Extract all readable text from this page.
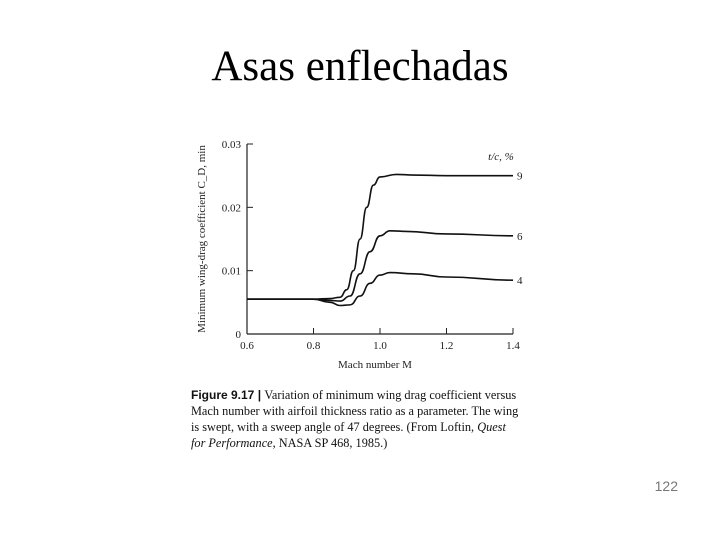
Asas enflechadas
0
0.01
0.02
0.03
0.6	0.8	1.0	1.2	1.4
9
6
4
t/c, %
Mach number M
Minimum wing-drag coefficient C_D, min
Figure 9.17 | Variation of minimum wing drag coefficient versus Mach number with airfoil thickness ratio as a parameter. The wing is swept, with a sweep angle of 47 degrees. (From Loftin, Quest for Performance, NASA SP 468, 1985.)
122
